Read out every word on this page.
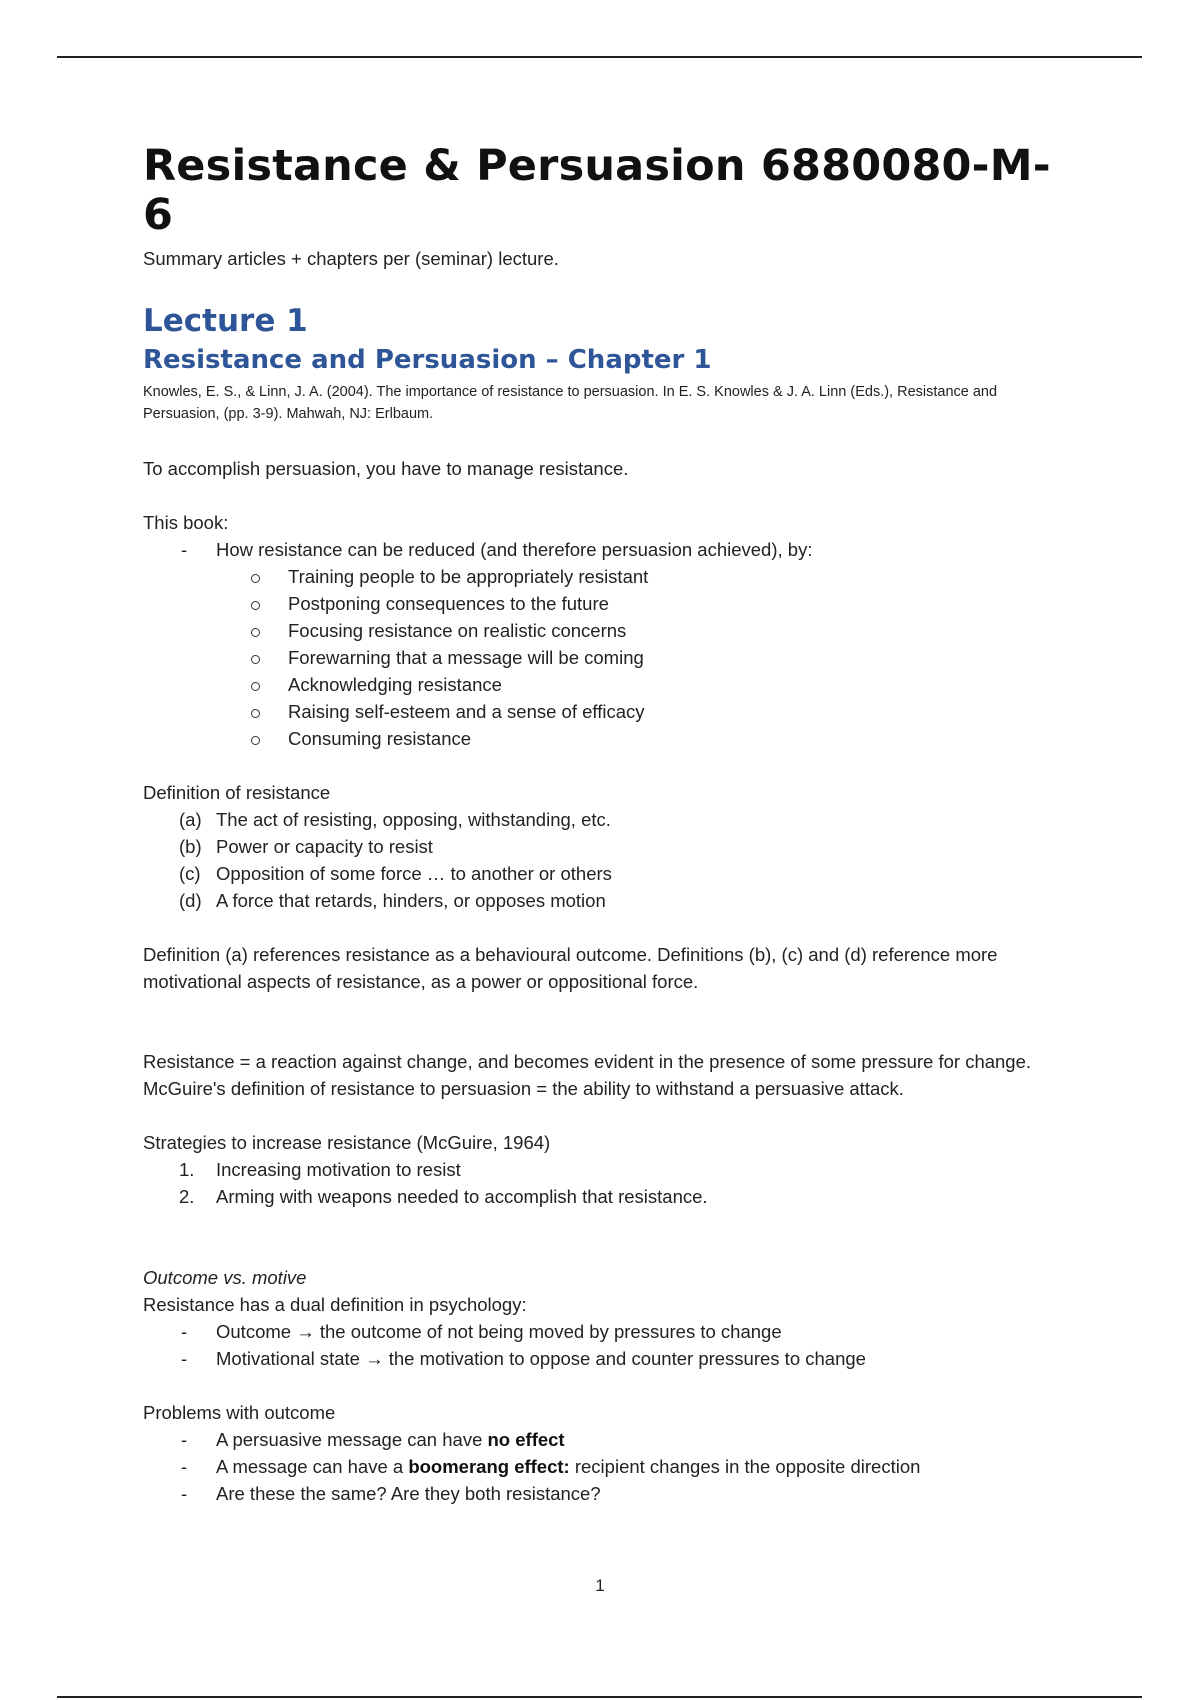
Resistance & Persuasion 6880080-M-6

Summary articles + chapters per (seminar) lecture.

Lecture 1
Resistance and Persuasion – Chapter 1

Knowles, E. S., & Linn, J. A. (2004). The importance of resistance to persuasion. In E. S. Knowles & J. A. Linn (Eds.), Resistance and Persuasion, (pp. 3-9). Mahwah, NJ: Erlbaum.

To accomplish persuasion, you have to manage resistance.

This book:

- How resistance can be reduced (and therefore persuasion achieved), by:
Training people to be appropriately resistant
Postponing consequences to the future
Focusing resistance on realistic concerns
Forewarning that a message will be coming
Acknowledging resistance
Raising self-esteem and a sense of efficacy
Consuming resistance

Definition of resistance

(a) The act of resisting, opposing, withstanding, etc.
(b) Power or capacity to resist
(c) Opposition of some force … to another or others
(d) A force that retards, hinders, or opposes motion

Definition (a) references resistance as a behavioural outcome. Definitions (b), (c) and (d) reference more motivational aspects of resistance, as a power or oppositional force.

Resistance = a reaction against change, and becomes evident in the presence of some pressure for change.

McGuire's definition of resistance to persuasion = the ability to withstand a persuasive attack.

Strategies to increase resistance (McGuire, 1964)

1. Increasing motivation to resist
2. Arming with weapons needed to accomplish that resistance.

Outcome vs. motive

Resistance has a dual definition in psychology:

- Outcome → the outcome of not being moved by pressures to change
- Motivational state → the motivation to oppose and counter pressures to change

Problems with outcome

- A persuasive message can have no effect
- A message can have a boomerang effect: recipient changes in the opposite direction
- Are these the same? Are they both resistance?
1
